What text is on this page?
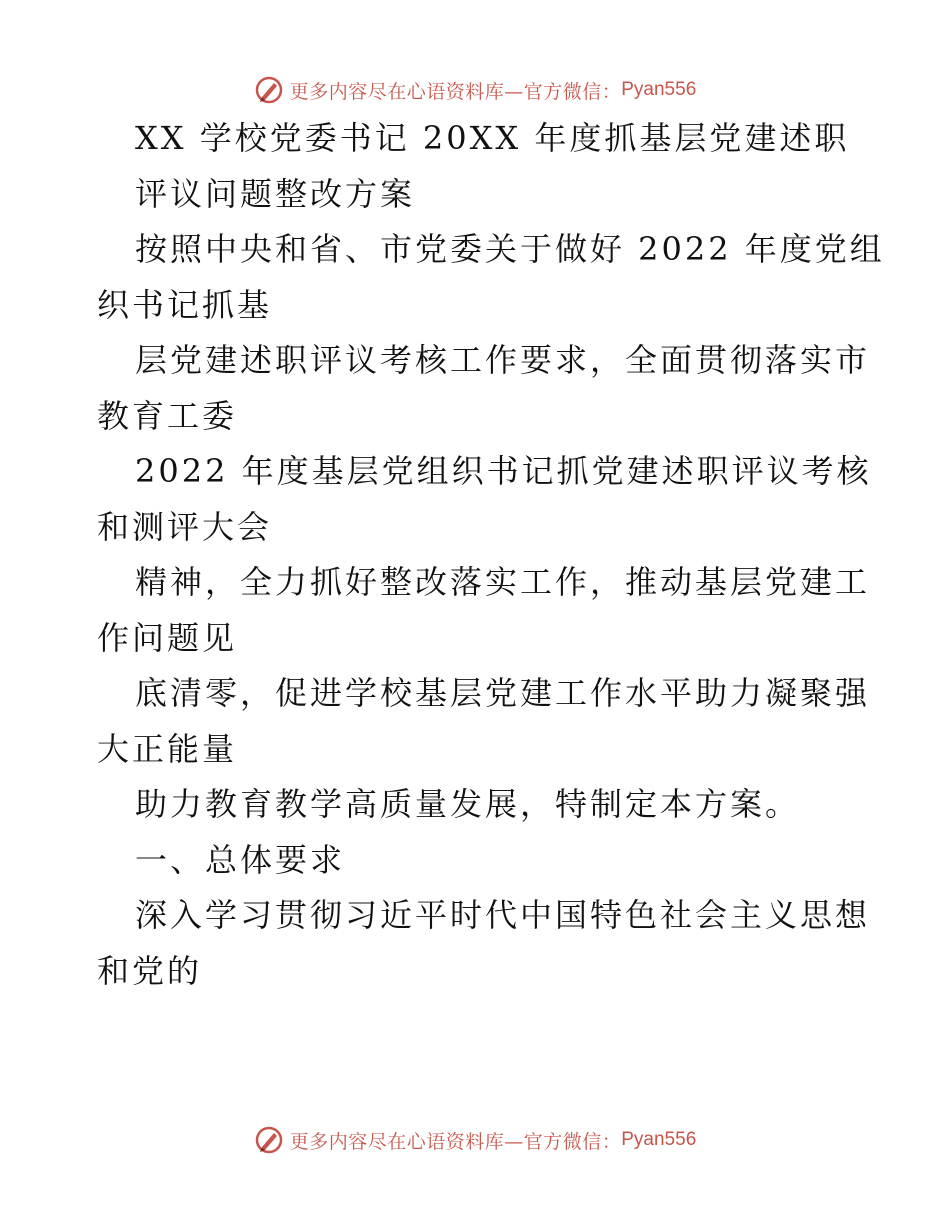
更多内容尽在心语资料库—官方微信： Pyan556
XX 学校党委书记 20XX 年度抓基层党建述职
评议问题整改方案
按照中央和省、市党委关于做好 2022 年度党组
织书记抓基
层党建述职评议考核工作要求，全面贯彻落实市
教育工委
2022 年度基层党组织书记抓党建述职评议考核
和测评大会
精神，全力抓好整改落实工作，推动基层党建工
作问题见
底清零，促进学校基层党建工作水平助力凝聚强
大正能量
助力教育教学高质量发展，特制定本方案。
一、总体要求
深入学习贯彻习近平时代中国特色社会主义思想
和党的
更多内容尽在心语资料库—官方微信： Pyan556
